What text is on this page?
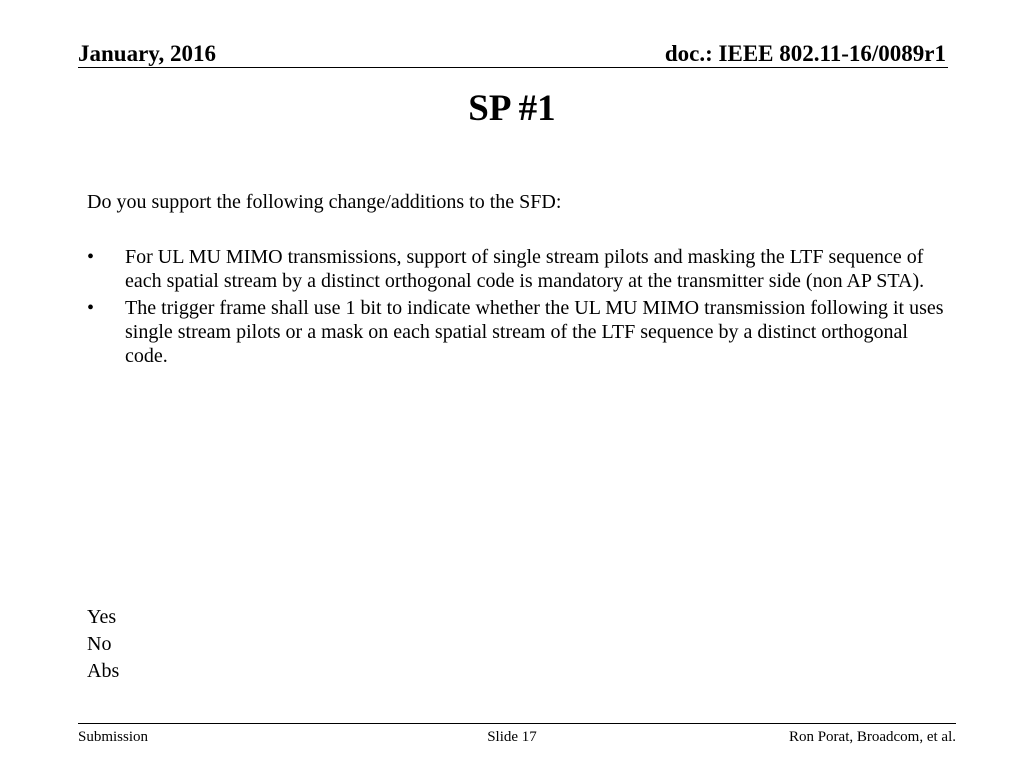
January, 2016	doc.: IEEE 802.11-16/0089r1
SP #1
Do you support the following change/additions to the SFD:
• For UL MU MIMO transmissions, support of single stream pilots and masking the LTF sequence of each spatial stream by a distinct orthogonal code is mandatory at the transmitter side (non AP STA).
• The trigger frame shall use 1 bit to indicate whether the UL MU MIMO transmission following it uses single stream pilots or a mask on each spatial stream of the LTF sequence by a distinct orthogonal code.
Yes
No
Abs
Submission	Slide 17	Ron Porat, Broadcom, et al.
